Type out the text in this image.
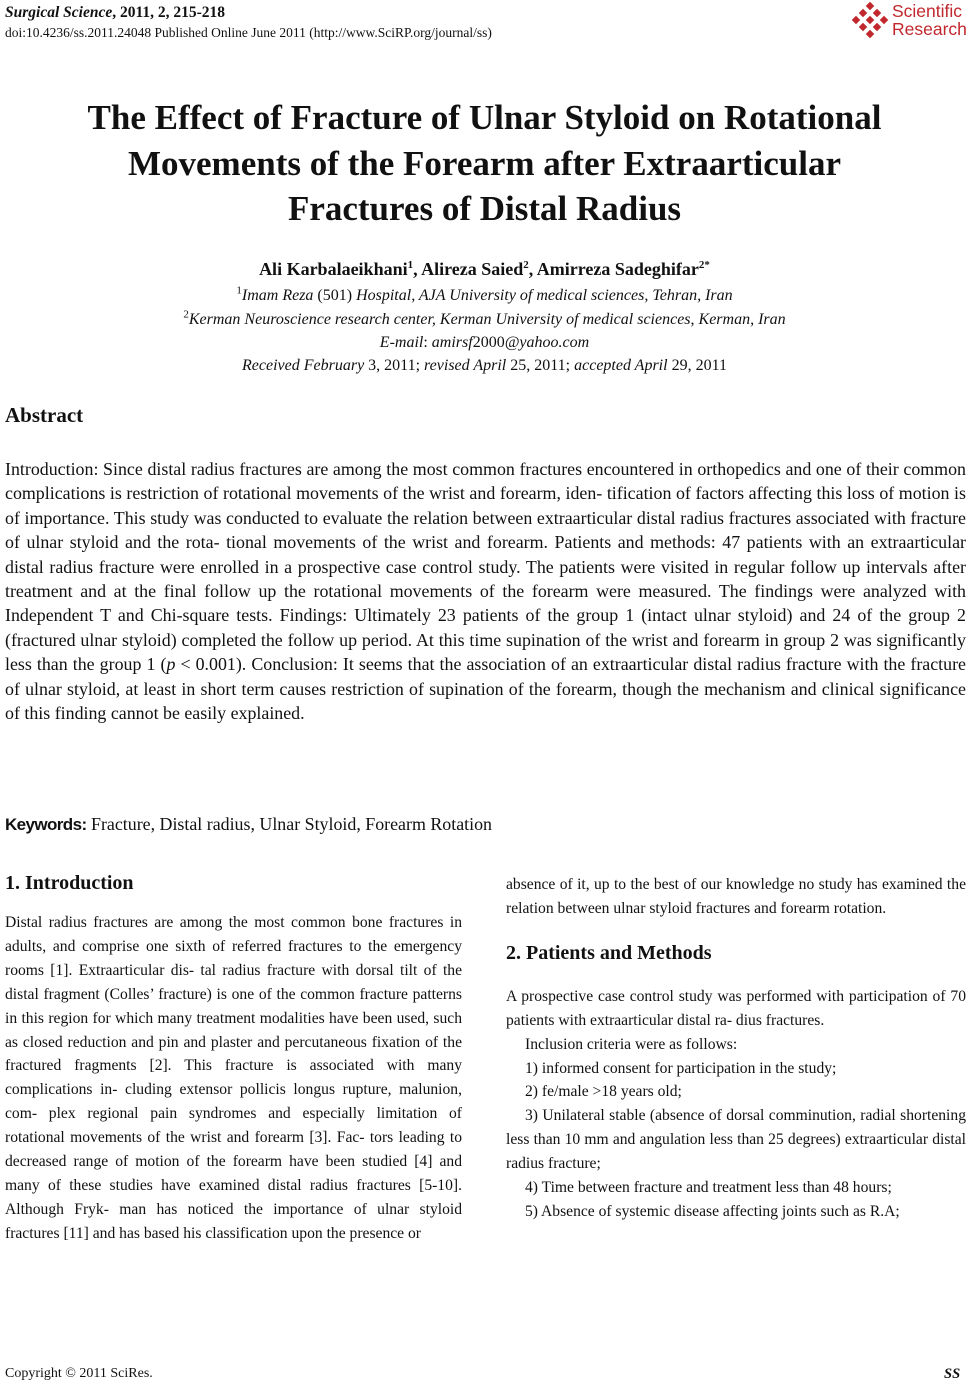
Surgical Science, 2011, 2, 215-218
doi:10.4236/ss.2011.24048 Published Online June 2011 (http://www.SciRP.org/journal/ss)
Scientific
Research
The Effect of Fracture of Ulnar Styloid on Rotational
Movements of the Forearm after Extraarticular
Fractures of Distal Radius
Ali Karbalaeikhani$^1$, Alireza Saied$^2$, Amirreza Sadeghifar$^{2*}$
$^1$Imam Reza (501) Hospital, AJA University of medical sciences, Tehran, Iran
$^2$Kerman Neuroscience research center, Kerman University of medical sciences, Kerman, Iran
E-mail: amirsf2000@yahoo.com
Received February 3, 2011; revised April 25, 2011; accepted April 29, 2011
Abstract
Introduction: Since distal radius fractures are among the most common fractures encountered in orthopedics and one of their common complications is restriction of rotational movements of the wrist and forearm, iden- tification of factors affecting this loss of motion is of importance. This study was conducted to evaluate the relation between extraarticular distal radius fractures associated with fracture of ulnar styloid and the rota- tional movements of the wrist and forearm. Patients and methods: 47 patients with an extraarticular distal radius fracture were enrolled in a prospective case control study. The patients were visited in regular follow up intervals after treatment and at the final follow up the rotational movements of the forearm were measured. The findings were analyzed with Independent T and Chi-square tests. Findings: Ultimately 23 patients of the group 1 (intact ulnar styloid) and 24 of the group 2 (fractured ulnar styloid) completed the follow up period. At this time supination of the wrist and forearm in group 2 was significantly less than the group 1 (p < 0.001). Conclusion: It seems that the association of an extraarticular distal radius fracture with the fracture of ulnar styloid, at least in short term causes restriction of supination of the forearm, though the mechanism and clinical significance of this finding cannot be easily explained.
Keywords: Fracture, Distal radius, Ulnar Styloid, Forearm Rotation
1. Introduction

Distal radius fractures are among the most common bone fractures in adults, and comprise one sixth of referred fractures to the emergency rooms [1]. Extraarticular dis- tal radius fracture with dorsal tilt of the distal fragment (Colles’ fracture) is one of the common fracture patterns in this region for which many treatment modalities have been used, such as closed reduction and pin and plaster and percutaneous fixation of the fractured fragments [2]. This fracture is associated with many complications in- cluding extensor pollicis longus rupture, malunion, com- plex regional pain syndromes and especially limitation of rotational movements of the wrist and forearm [3]. Fac- tors leading to decreased range of motion of the forearm have been studied [4] and many of these studies have examined distal radius fractures [5-10]. Although Fryk- man has noticed the importance of ulnar styloid fractures [11] and has based his classification upon the presence or

absence of it, up to the best of our knowledge no study has examined the relation between ulnar styloid fractures and forearm rotation.

2. Patients and Methods

A prospective case control study was performed with participation of 70 patients with extraarticular distal ra- dius fractures.

Inclusion criteria were as follows:

1) informed consent for participation in the study;

2) fe/male >18 years old;

3) Unilateral stable (absence of dorsal comminution, radial shortening less than 10 mm and angulation less than 25 degrees) extraarticular distal radius fracture;

4) Time between fracture and treatment less than 48 hours;

5) Absence of systemic disease affecting joints such as R.A;

Copyright © 2011 SciRes.	SS
